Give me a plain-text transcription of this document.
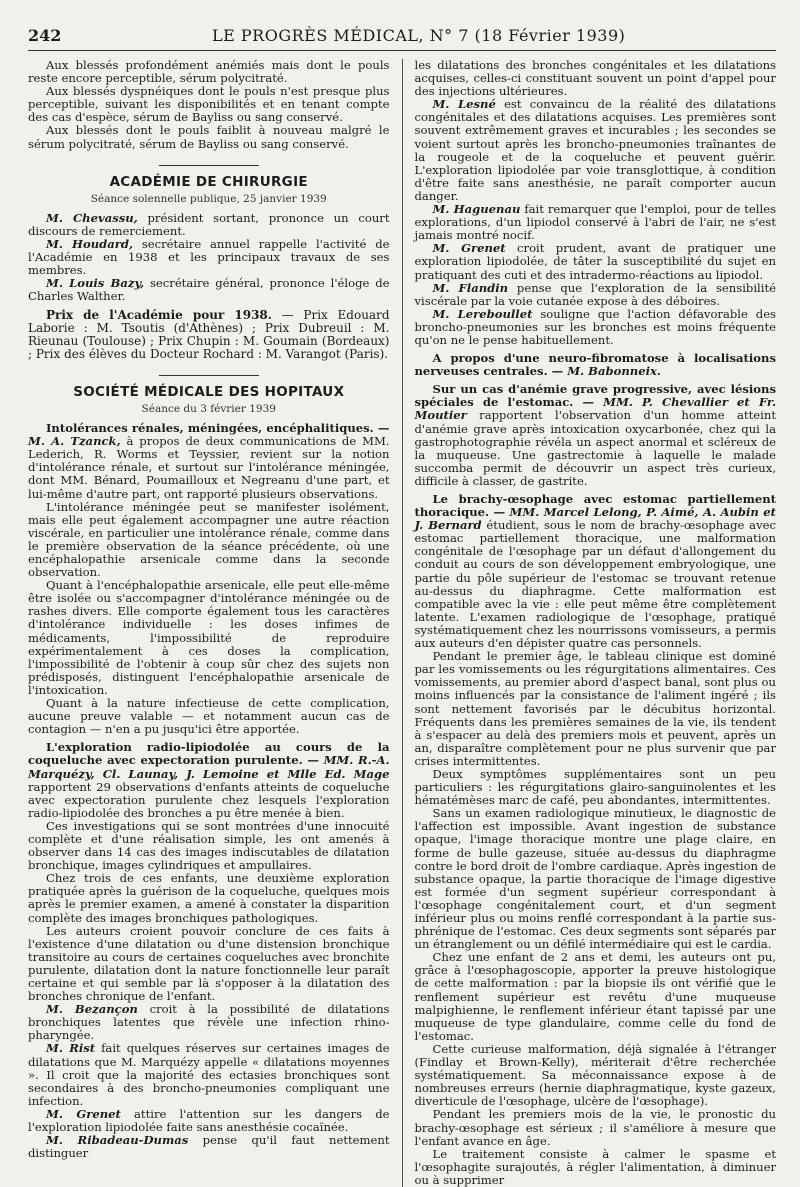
242	LE PROGRÈS MÉDICAL, N° 7 (18 Février 1939)

Aux blessés profondément anémiés mais dont le pouls reste encore perceptible, sérum polycitraté.

Aux blessés dyspnéiques dont le pouls n'est presque plus perceptible, suivant les disponibilités et en tenant compte des cas d'espèce, sérum de Bayliss ou sang conservé.

Aux blessés dont le pouls faiblit à nouveau malgré le sérum polycitraté, sérum de Bayliss ou sang conservé.

ACADÉMIE DE CHIRURGIE
Séance solennelle publique, 25 janvier 1939

M. Chevassu, président sortant, prononce un court discours de remerciement.

M. Houdard, secrétaire annuel rappelle l'activité de l'Académie en 1938 et les principaux travaux de ses membres.

M. Louis Bazy, secrétaire général, prononce l'éloge de Charles Walther.

Prix de l'Académie pour 1938. — Prix Edouard Laborie : M. Tsoutis (d'Athènes) ; Prix Dubreuil : M. Rieunau (Toulouse) ; Prix Chupin : M. Goumain (Bordeaux) ; Prix des élèves du Docteur Rochard : M. Varangot (Paris).

SOCIÉTÉ MÉDICALE DES HOPITAUX
Séance du 3 février 1939

Intolérances rénales, méningées, encéphalitiques. — M. A. Tzanck, à propos de deux communications de MM. Lederich, R. Worms et Teyssier, revient sur la notion d'intolérance rénale, et surtout sur l'intolérance méningée, dont MM. Bénard, Poumailloux et Negreanu d'une part, et lui-même d'autre part, ont rapporté plusieurs observations.

L'intolérance méningée peut se manifester isolément, mais elle peut également accompagner une autre réaction viscérale, en particulier une intolérance rénale, comme dans le première observation de la séance précédente, où une encéphalopathie arsenicale comme dans la seconde observation.

Quant à l'encéphalopathie arsenicale, elle peut elle-même être isolée ou s'accompagner d'intolérance méningée ou de rashes divers. Elle comporte également tous les caractères d'intolérance individuelle : les doses infimes de médicaments, l'impossibilité de reproduire expérimentalement à ces doses la complication, l'impossibilité de l'obtenir à coup sûr chez des sujets non prédisposés, distinguent l'encéphalopathie arsenicale de l'intoxication.

Quant à la nature infectieuse de cette complication, aucune preuve valable — et notamment aucun cas de contagion — n'en a pu jusqu'ici être apportée.

L'exploration radio-lipiodolée au cours de la coqueluche avec expectoration purulente. — MM. R.-A. Marquézy, Cl. Launay, J. Lemoine et Mlle Ed. Mage rapportent 29 observations d'enfants atteints de coqueluche avec expectoration purulente chez lesquels l'exploration radio-lipiodolée des bronches a pu être menée à bien.

Ces investigations qui se sont montrées d'une innocuité complète et d'une réalisation simple, les ont amenés à observer dans 14 cas des images indiscutables de dilatation bronchique, images cylindriques et ampullaires.

Chez trois de ces enfants, une deuxième exploration pratiquée après la guérison de la coqueluche, quelques mois après le premier examen, a amené à constater la disparition complète des images bronchiques pathologiques.

Les auteurs croient pouvoir conclure de ces faits à l'existence d'une dilatation ou d'une distension bronchique transitoire au cours de certaines coqueluches avec bronchite purulente, dilatation dont la nature fonctionnelle leur paraît certaine et qui semble par là s'opposer à la dilatation des bronches chronique de l'enfant.

M. Bezançon croit à la possibilité de dilatations bronchiques latentes que révèle une infection rhino-pharyngée.

M. Rist fait quelques réserves sur certaines images de dilatations que M. Marquézy appelle « dilatations moyennes ». Il croit que la majorité des ectasies bronchiques sont secondaires à des broncho-pneumonies compliquant une infection.

M. Grenet attire l'attention sur les dangers de l'exploration lipiodolée faite sans anesthésie cocaïnée.

M. Ribadeau-Dumas pense qu'il faut nettement distinguer

les dilatations des bronches congénitales et les dilatations acquises, celles-ci constituant souvent un point d'appel pour des injections ultérieures.

M. Lesné est convaincu de la réalité des dilatations congénitales et des dilatations acquises. Les premières sont souvent extrêmement graves et incurables ; les secondes se voient surtout après les broncho-pneumonies traînantes de la rougeole et de la coqueluche et peuvent guérir. L'exploration lipiodolée par voie transglottique, à condition d'être faite sans anesthésie, ne paraît comporter aucun danger.

M. Haguenau fait remarquer que l'emploi, pour de telles explorations, d'un lipiodol conservé à l'abri de l'air, ne s'est jamais montré nocif.

M. Grenet croit prudent, avant de pratiquer une exploration lipiodolée, de tâter la susceptibilité du sujet en pratiquant des cuti et des intradermo-réactions au lipiodol.

M. Flandin pense que l'exploration de la sensibilité viscérale par la voie cutanée expose à des déboires.

M. Lereboullet souligne que l'action défavorable des broncho-pneumonies sur les bronches est moins fréquente qu'on ne le pense habituellement.

A propos d'une neuro-fibromatose à localisations nerveuses centrales. — M. Babonneix.

Sur un cas d'anémie grave progressive, avec lésions spéciales de l'estomac. — MM. P. Chevallier et Fr. Moutier rapportent l'observation d'un homme atteint d'anémie grave après intoxication oxycarbonée, chez qui la gastrophotographie révéla un aspect anormal et scléreux de la muqueuse. Une gastrectomie à laquelle le malade succomba permit de découvrir un aspect très curieux, difficile à classer, de gastrite.

Le brachy-œsophage avec estomac partiellement thoracique. — MM. Marcel Lelong, P. Aimé, A. Aubin et J. Bernard étudient, sous le nom de brachy-œsophage avec estomac partiellement thoracique, une malformation congénitale de l'œsophage par un défaut d'allongement du conduit au cours de son développement embryologique, une partie du pôle supérieur de l'estomac se trouvant retenue au-dessus du diaphragme. Cette malformation est compatible avec la vie : elle peut même être complètement latente. L'examen radiologique de l'œsophage, pratiqué systématiquement chez les nourrissons vomisseurs, a permis aux auteurs d'en dépister quatre cas personnels.

Pendant le premier âge, le tableau clinique est dominé par les vomissements ou les régurgitations alimentaires. Ces vomissements, au premier abord d'aspect banal, sont plus ou moins influencés par la consistance de l'aliment ingéré ; ils sont nettement favorisés par le décubitus horizontal. Fréquents dans les premières semaines de la vie, ils tendent à s'espacer au delà des premiers mois et peuvent, après un an, disparaître complètement pour ne plus survenir que par crises intermittentes.

Deux symptômes supplémentaires sont un peu particuliers : les régurgitations glairo-sanguinolentes et les hématémèses marc de café, peu abondantes, intermittentes.

Sans un examen radiologique minutieux, le diagnostic de l'affection est impossible. Avant ingestion de substance opaque, l'image thoracique montre une plage claire, en forme de bulle gazeuse, située au-dessus du diaphragme contre le bord droit de l'ombre cardiaque. Après ingestion de substance opaque, la partie thoracique de l'image digestive est formée d'un segment supérieur correspondant à l'œsophage congénitalement court, et d'un segment inférieur plus ou moins renflé correspondant à la partie sus-phrénique de l'estomac. Ces deux segments sont séparés par un étranglement ou un défilé intermédiaire qui est le cardia.

Chez une enfant de 2 ans et demi, les auteurs ont pu, grâce à l'œsophagoscopie, apporter la preuve histologique de cette malformation : par la biopsie ils ont vérifié que le renflement supérieur est revêtu d'une muqueuse malpighienne, le renflement inférieur étant tapissé par une muqueuse de type glandulaire, comme celle du fond de l'estomac.

Cette curieuse malformation, déjà signalée à l'étranger (Findlay et Brown-Kelly), mériterait d'être recherchée systématiquement. Sa méconnaissance expose à de nombreuses erreurs (hernie diaphragmatique, kyste gazeux, diverticule de l'œsophage, ulcère de l'œsophage).

Pendant les premiers mois de la vie, le pronostic du brachy-œsophage est sérieux ; il s'améliore à mesure que l'enfant avance en âge.

Le traitement consiste à calmer le spasme et l'œsophagite surajoutés, à régler l'alimentation, à diminuer ou à supprimer
